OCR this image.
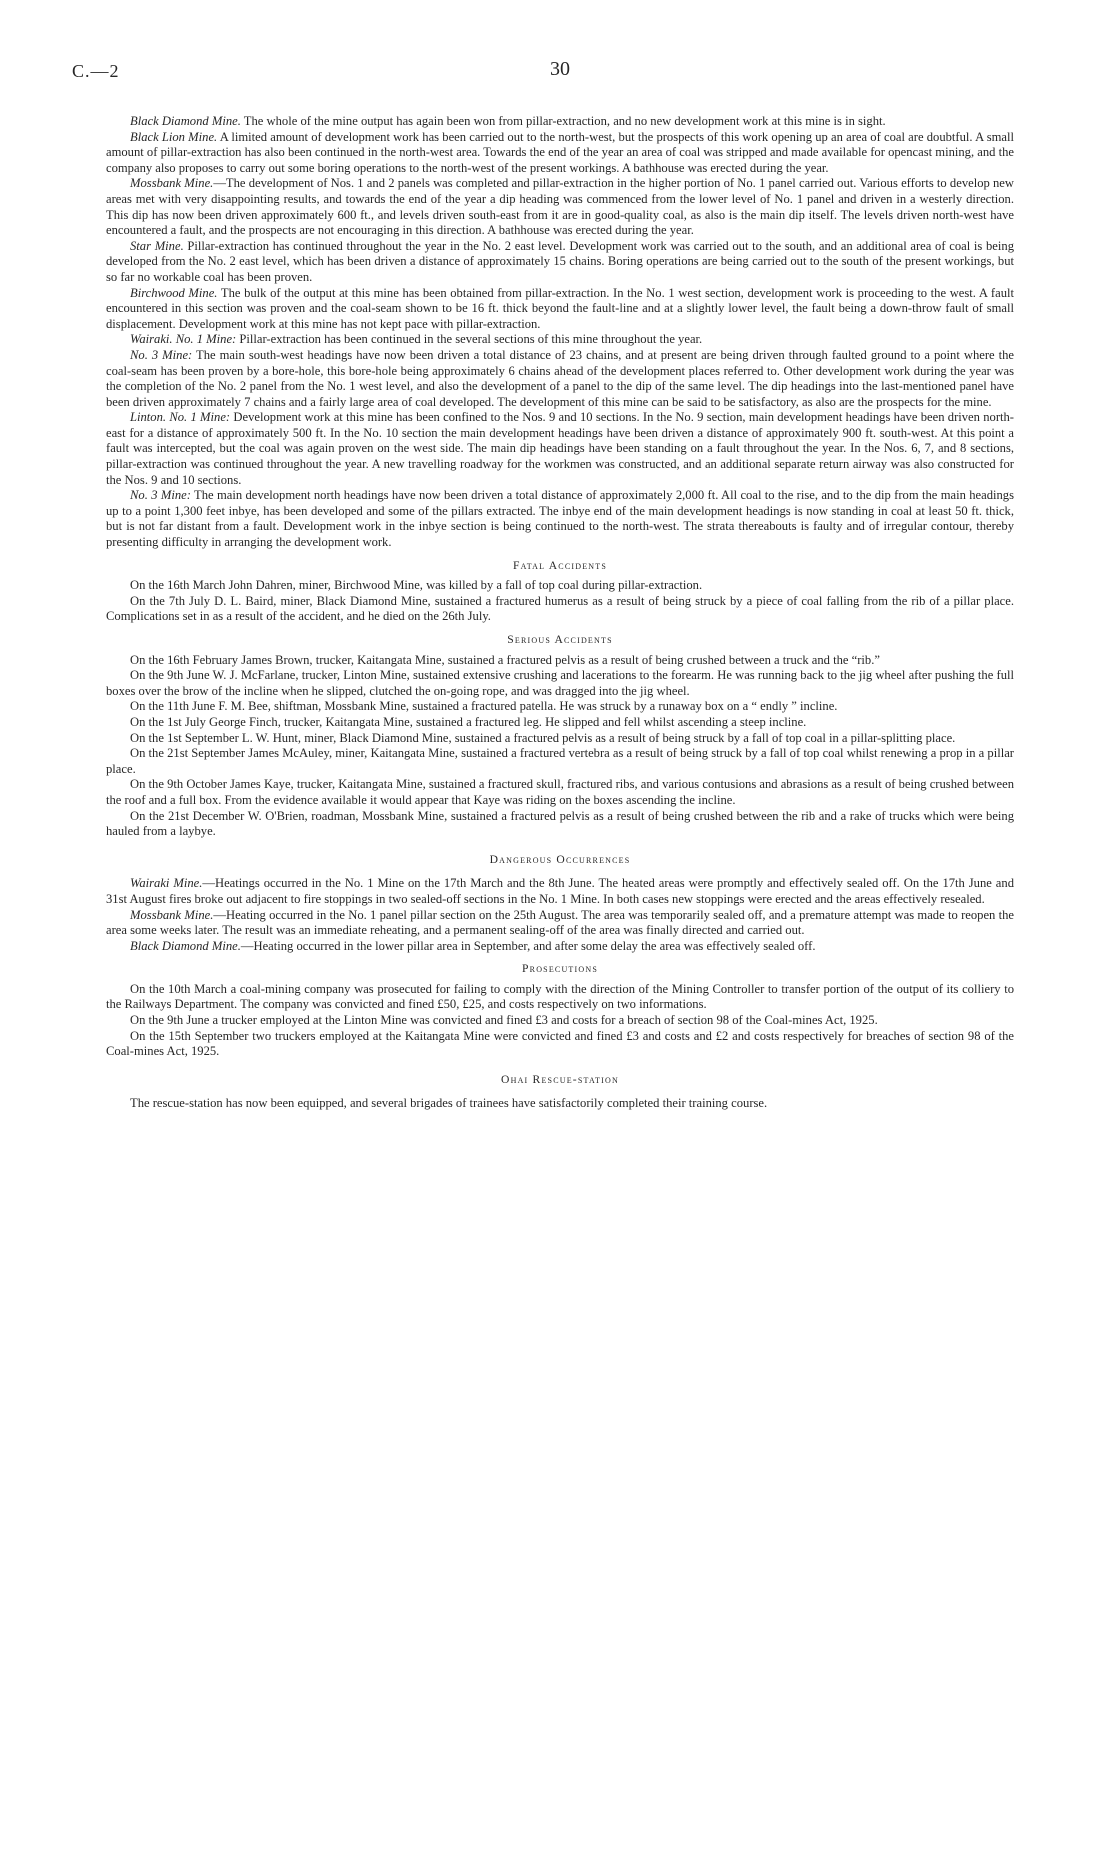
C.—2	30

Black Diamond Mine. The whole of the mine output has again been won from pillar-extraction, and no new development work at this mine is in sight.

Black Lion Mine. A limited amount of development work has been carried out to the north-west, but the prospects of this work opening up an area of coal are doubtful. A small amount of pillar-extraction has also been continued in the north-west area. Towards the end of the year an area of coal was stripped and made available for opencast mining, and the company also proposes to carry out some boring operations to the north-west of the present workings. A bathhouse was erected during the year.

Mossbank Mine.—The development of Nos. 1 and 2 panels was completed and pillar-extraction in the higher portion of No. 1 panel carried out. Various efforts to develop new areas met with very disappointing results, and towards the end of the year a dip heading was commenced from the lower level of No. 1 panel and driven in a westerly direction. This dip has now been driven approximately 600 ft., and levels driven south-east from it are in good-quality coal, as also is the main dip itself. The levels driven north-west have encountered a fault, and the prospects are not encouraging in this direction. A bathhouse was erected during the year.

Star Mine. Pillar-extraction has continued throughout the year in the No. 2 east level. Development work was carried out to the south, and an additional area of coal is being developed from the No. 2 east level, which has been driven a distance of approximately 15 chains. Boring operations are being carried out to the south of the present workings, but so far no workable coal has been proven.

Birchwood Mine. The bulk of the output at this mine has been obtained from pillar-extraction. In the No. 1 west section, development work is proceeding to the west. A fault encountered in this section was proven and the coal-seam shown to be 16 ft. thick beyond the fault-line and at a slightly lower level, the fault being a down-throw fault of small displacement. Development work at this mine has not kept pace with pillar-extraction.

Wairaki. No. 1 Mine: Pillar-extraction has been continued in the several sections of this mine throughout the year.

No. 3 Mine: The main south-west headings have now been driven a total distance of 23 chains, and at present are being driven through faulted ground to a point where the coal-seam has been proven by a bore-hole, this bore-hole being approximately 6 chains ahead of the development places referred to. Other development work during the year was the completion of the No. 2 panel from the No. 1 west level, and also the development of a panel to the dip of the same level. The dip headings into the last-mentioned panel have been driven approximately 7 chains and a fairly large area of coal developed. The development of this mine can be said to be satisfactory, as also are the prospects for the mine.

Linton. No. 1 Mine: Development work at this mine has been confined to the Nos. 9 and 10 sections. In the No. 9 section, main development headings have been driven north-east for a distance of approximately 500 ft. In the No. 10 section the main development headings have been driven a distance of approximately 900 ft. south-west. At this point a fault was intercepted, but the coal was again proven on the west side. The main dip headings have been standing on a fault throughout the year. In the Nos. 6, 7, and 8 sections, pillar-extraction was continued throughout the year. A new travelling roadway for the workmen was constructed, and an additional separate return airway was also constructed for the Nos. 9 and 10 sections.

No. 3 Mine: The main development north headings have now been driven a total distance of approximately 2,000 ft. All coal to the rise, and to the dip from the main headings up to a point 1,300 feet inbye, has been developed and some of the pillars extracted. The inbye end of the main development headings is now standing in coal at least 50 ft. thick, but is not far distant from a fault. Development work in the inbye section is being continued to the north-west. The strata thereabouts is faulty and of irregular contour, thereby presenting difficulty in arranging the development work.

Fatal Accidents

On the 16th March John Dahren, miner, Birchwood Mine, was killed by a fall of top coal during pillar-extraction.

On the 7th July D. L. Baird, miner, Black Diamond Mine, sustained a fractured humerus as a result of being struck by a piece of coal falling from the rib of a pillar place. Complications set in as a result of the accident, and he died on the 26th July.

Serious Accidents

On the 16th February James Brown, trucker, Kaitangata Mine, sustained a fractured pelvis as a result of being crushed between a truck and the “rib.”

On the 9th June W. J. McFarlane, trucker, Linton Mine, sustained extensive crushing and lacerations to the forearm. He was running back to the jig wheel after pushing the full boxes over the brow of the incline when he slipped, clutched the on-going rope, and was dragged into the jig wheel.

On the 11th June F. M. Bee, shiftman, Mossbank Mine, sustained a fractured patella. He was struck by a runaway box on a “ endly ” incline.

On the 1st July George Finch, trucker, Kaitangata Mine, sustained a fractured leg. He slipped and fell whilst ascending a steep incline.

On the 1st September L. W. Hunt, miner, Black Diamond Mine, sustained a fractured pelvis as a result of being struck by a fall of top coal in a pillar-splitting place.

On the 21st September James McAuley, miner, Kaitangata Mine, sustained a fractured vertebra as a result of being struck by a fall of top coal whilst renewing a prop in a pillar place.

On the 9th October James Kaye, trucker, Kaitangata Mine, sustained a fractured skull, fractured ribs, and various contusions and abrasions as a result of being crushed between the roof and a full box. From the evidence available it would appear that Kaye was riding on the boxes ascending the incline.

On the 21st December W. O'Brien, roadman, Mossbank Mine, sustained a fractured pelvis as a result of being crushed between the rib and a rake of trucks which were being hauled from a laybye.

Dangerous Occurrences

Wairaki Mine.—Heatings occurred in the No. 1 Mine on the 17th March and the 8th June. The heated areas were promptly and effectively sealed off. On the 17th June and 31st August fires broke out adjacent to fire stoppings in two sealed-off sections in the No. 1 Mine. In both cases new stoppings were erected and the areas effectively resealed.

Mossbank Mine.—Heating occurred in the No. 1 panel pillar section on the 25th August. The area was temporarily sealed off, and a premature attempt was made to reopen the area some weeks later. The result was an immediate reheating, and a permanent sealing-off of the area was finally directed and carried out.

Black Diamond Mine.—Heating occurred in the lower pillar area in September, and after some delay the area was effectively sealed off.

Prosecutions

On the 10th March a coal-mining company was prosecuted for failing to comply with the direction of the Mining Controller to transfer portion of the output of its colliery to the Railways Department. The company was convicted and fined £50, £25, and costs respectively on two informations.

On the 9th June a trucker employed at the Linton Mine was convicted and fined £3 and costs for a breach of section 98 of the Coal-mines Act, 1925.

On the 15th September two truckers employed at the Kaitangata Mine were convicted and fined £3 and costs and £2 and costs respectively for breaches of section 98 of the Coal-mines Act, 1925.

Ohai Rescue-station

The rescue-station has now been equipped, and several brigades of trainees have satisfactorily completed their training course.
